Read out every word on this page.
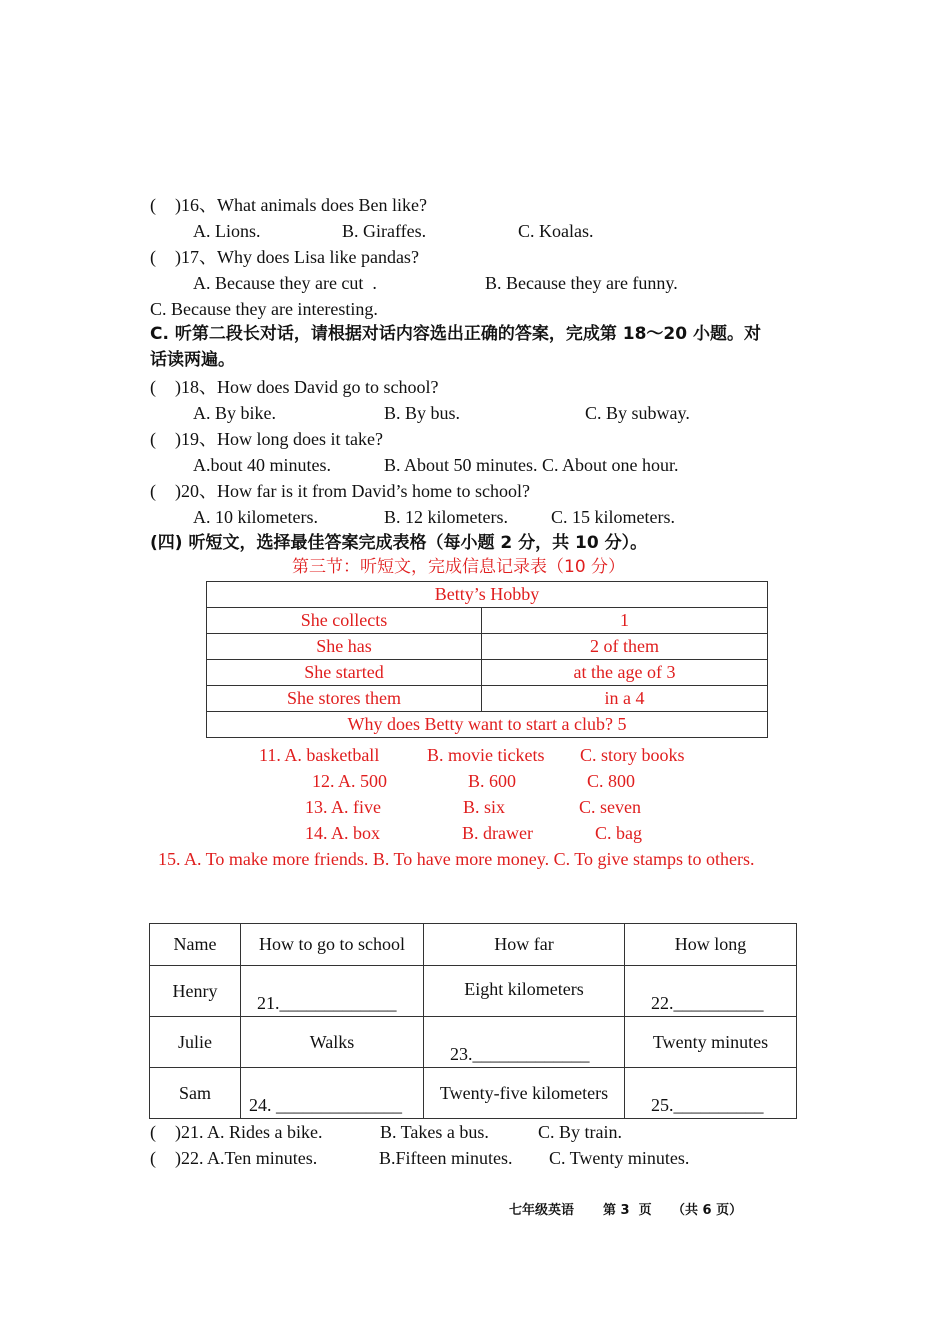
( )16、What animals does Ben like?
A. Lions.	B. Giraffes.	C. Koalas.
( )17、Why does Lisa like pandas?
A. Because they are cut  .	B. Because they are funny.
C. Because they are interesting.
C. 听第二段长对话，请根据对话内容选出正确的答案，完成第 18～20 小题。对
话读两遍。
( )18、How does David go to school?
A. By bike.	B. By bus.	C. By subway.
( )19、How long does it take?
A.bout 40 minutes.	B. About 50 minutes. C. About one hour.
( )20、How far is it from David’s home to school?
A. 10 kilometers.	B. 12 kilometers. C. 15 kilometers.
(四) 听短文，选择最佳答案完成表格（每小题 2 分，共 10 分）。
第三节：听短文，完成信息记录表（10 分）
Betty’s Hobby	
She collects	1
She has	2 of them
She started	at the age of 3
She stores them	in a 4
Why does Betty want to start a club? 5	
11. A. basketball	B. movie tickets C. story books
12. A. 500	B. 600	C. 800
13. A. five	B. six	C. seven
14. A. box	B. drawer	C. bag
15. A. To make more friends. B. To have more money. C. To give stamps to others.
Name	How to go to school	How far	How long
Henry	21._____________	Eight kilometers	22.__________

Julie	Walks	23._____________	Twenty minutes
Sam	24. ______________	Twenty-five kilometers	25.__________
( )21. A. Rides a bike.	B. Takes a bus.	C. By train.
( )22. A.Ten minutes.	B.Fifteen minutes. C. Twenty minutes.
七年级英语 第 3  页 （共 6 页）
